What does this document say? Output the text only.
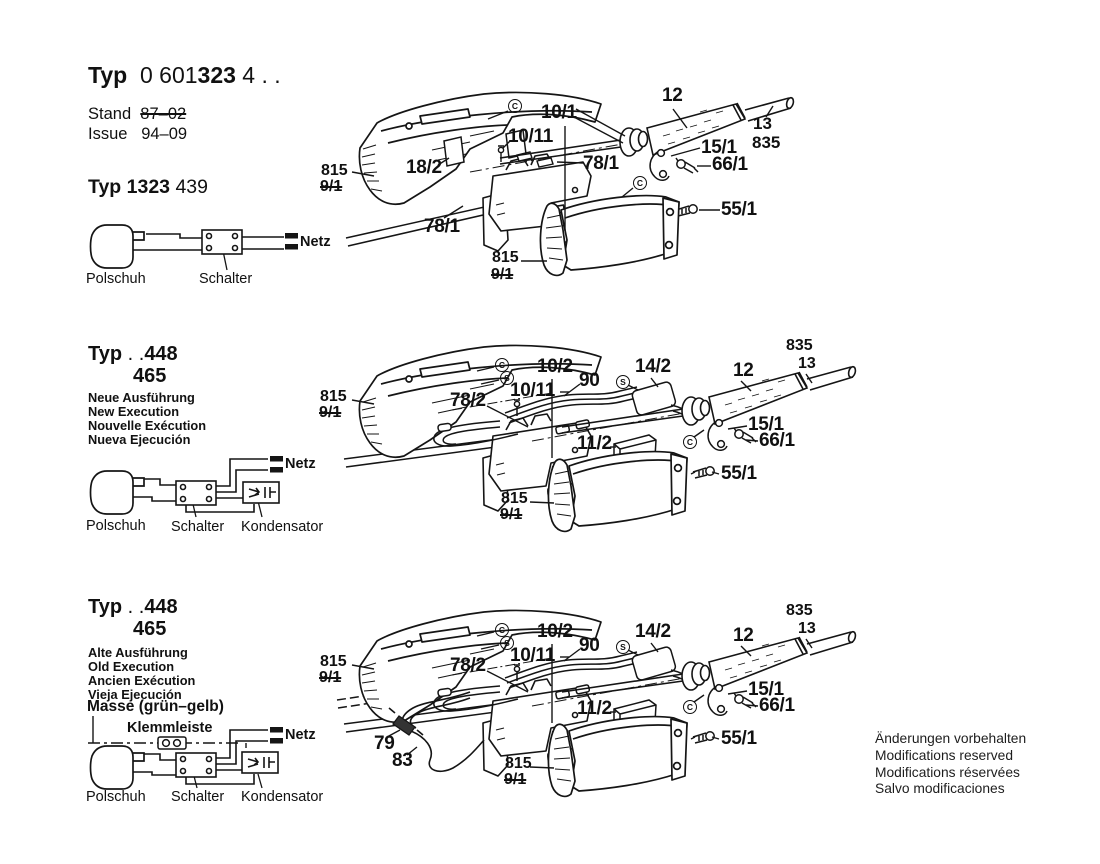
Typ 0 601323 4 . .
Stand 87–02
Issue 94–09
Typ 1323 439
Typ . .448
465
Neue Ausführung
New Execution
Nouvelle Exécution
Nueva Ejecución
Typ . .448
465
Alte Ausführung
Old Execution
Ancien Exécution
Vieja Ejecución
Masse (grün–gelb)
Klemmleiste
Änderungen vorbehalten
Modifications reserved
Modifications réservées
Salvo modificaciones
Polschuh	Schalter
Netz
Polschuh Schalter Kondensator
Netz
Polschuh Schalter Kondensator
Netz
12
13
835
15/1
66/1
55/1
10/1
10/11
78/1
18/2
78/1
815
9/1
815
9/1
C
C
835
13
12
15/1
66/1
55/1
10/2
90
14/2
10/11
78/2
11/2
815
9/1
815
9/1
C
S	S
C
835
13
12
15/1
66/1
55/1
10/2
90
14/2
10/11
78/2
11/2
79
83
815
9/1
815
9/1
C
S	S
C
